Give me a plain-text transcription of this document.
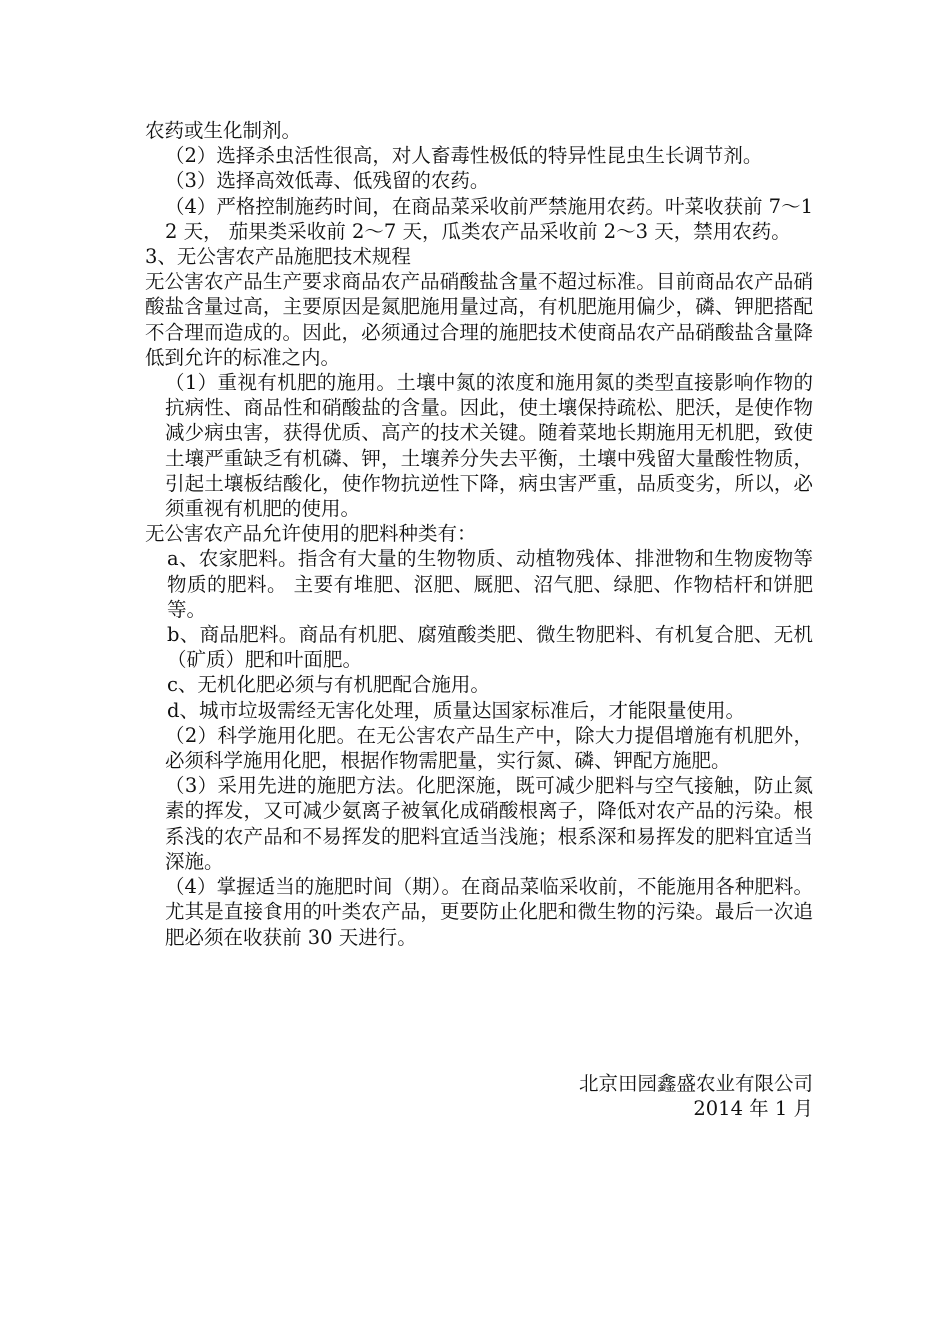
农药或生化制剂。

（2）选择杀虫活性很高，对人畜毒性极低的特异性昆虫生长调节剂。

（3）选择高效低毒、低残留的农药。

（4）严格控制施药时间，在商品菜采收前严禁施用农药。叶菜收获前 7～12 天， 茄果类采收前 2～7 天，瓜类农产品采收前 2～3 天，禁用农药。

3、无公害农产品施肥技术规程

无公害农产品生产要求商品农产品硝酸盐含量不超过标准。目前商品农产品硝酸盐含量过高，主要原因是氮肥施用量过高，有机肥施用偏少，磷、钾肥搭配不合理而造成的。因此，必须通过合理的施肥技术使商品农产品硝酸盐含量降低到允许的标准之内。

（1）重视有机肥的施用。土壤中氮的浓度和施用氮的类型直接影响作物的抗病性、商品性和硝酸盐的含量。因此，使土壤保持疏松、肥沃，是使作物减少病虫害，获得优质、高产的技术关键。随着菜地长期施用无机肥，致使土壤严重缺乏有机磷、钾，土壤养分失去平衡，土壤中残留大量酸性物质，引起土壤板结酸化，使作物抗逆性下降，病虫害严重，品质变劣，所以，必须重视有机肥的使用。

无公害农产品允许使用的肥料种类有：

a、农家肥料。指含有大量的生物物质、动植物残体、排泄物和生物废物等物质的肥料。 主要有堆肥、沤肥、厩肥、沼气肥、绿肥、作物桔杆和饼肥等。

b、商品肥料。商品有机肥、腐殖酸类肥、微生物肥料、有机复合肥、无机（矿质）肥和叶面肥。

c、无机化肥必须与有机肥配合施用。

d、城市垃圾需经无害化处理，质量达国家标准后，才能限量使用。

（2）科学施用化肥。在无公害农产品生产中，除大力提倡增施有机肥外，必须科学施用化肥，根据作物需肥量，实行氮、磷、钾配方施肥。

（3）采用先进的施肥方法。化肥深施，既可减少肥料与空气接触，防止氮素的挥发，又可减少氨离子被氧化成硝酸根离子，降低对农产品的污染。根系浅的农产品和不易挥发的肥料宜适当浅施；根系深和易挥发的肥料宜适当深施。

（4）掌握适当的施肥时间（期）。在商品菜临采收前，不能施用各种肥料。尤其是直接食用的叶类农产品，更要防止化肥和微生物的污染。最后一次追肥必须在收获前 30 天进行。

北京田园鑫盛农业有限公司
2014 年 1 月
